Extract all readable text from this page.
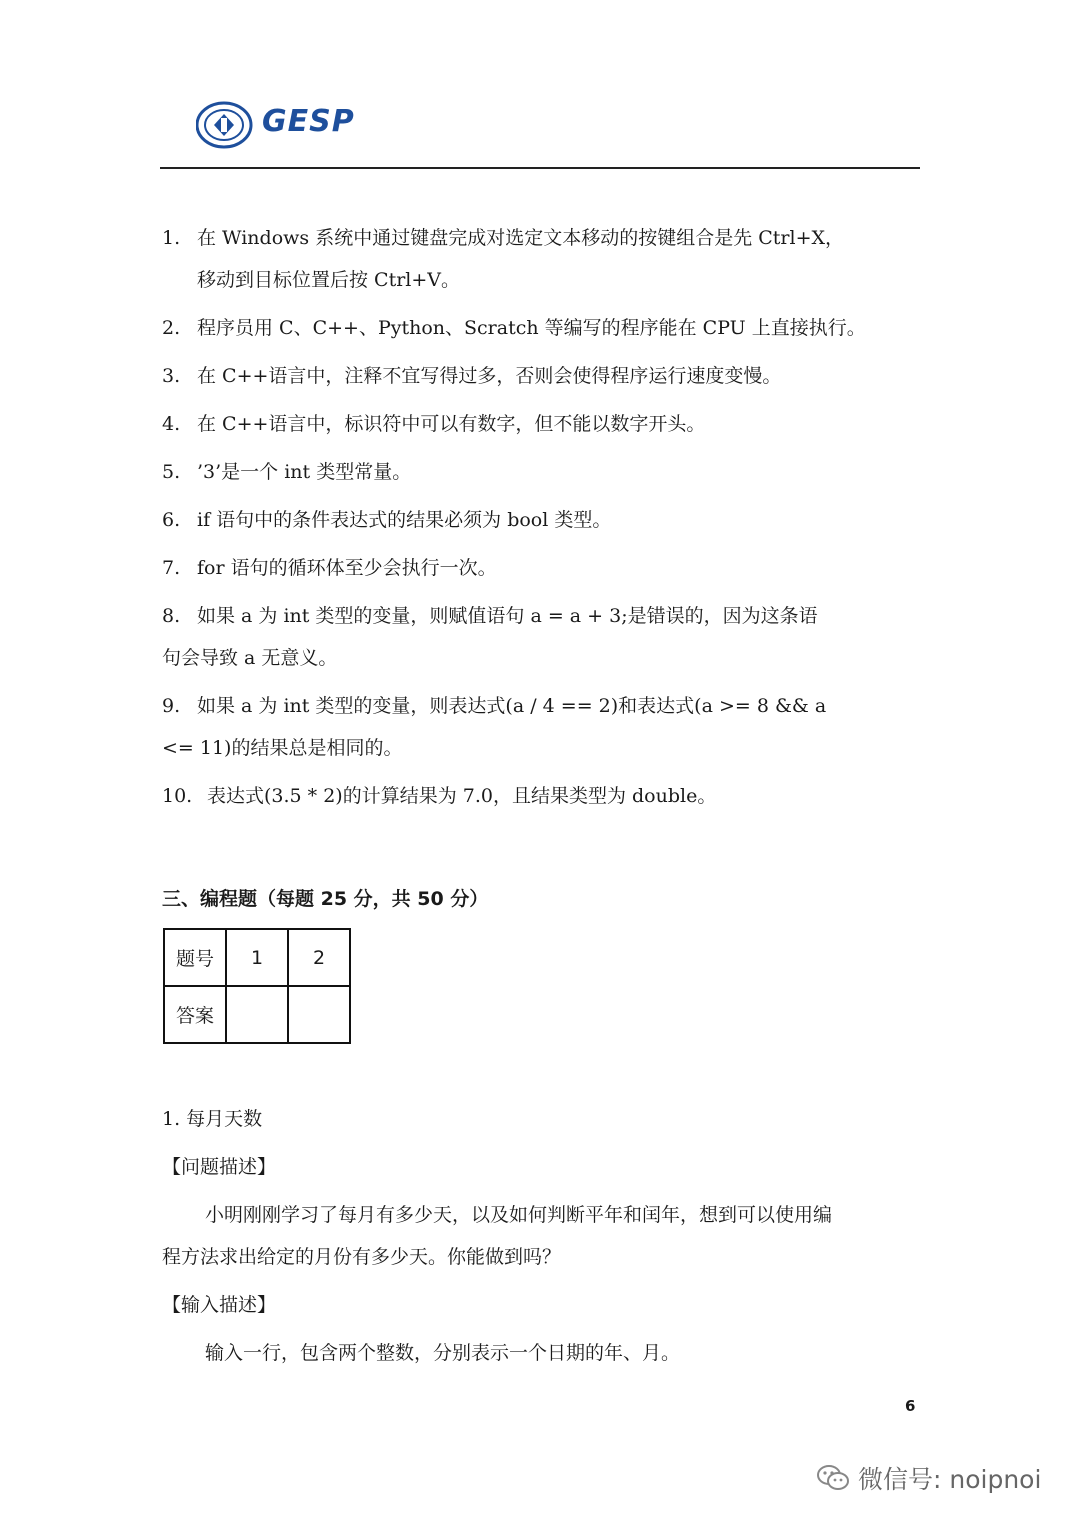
GESP
1. 在 Windows 系统中通过键盘完成对选定文本移动的按键组合是先 Ctrl+X，
移动到目标位置后按 Ctrl+V。
2. 程序员用 C、C++、Python、Scratch 等编写的程序能在 CPU 上直接执行。
3. 在 C++语言中，注释不宜写得过多，否则会使得程序运行速度变慢。
4. 在 C++语言中，标识符中可以有数字，但不能以数字开头。
5. ’3’是一个 int 类型常量。
6. if 语句中的条件表达式的结果必须为 bool 类型。
7. for 语句的循环体至少会执行一次。
8. 如果 a 为 int 类型的变量，则赋值语句 a = a + 3;是错误的，因为这条语
句会导致 a 无意义。
9. 如果 a 为 int 类型的变量，则表达式(a / 4 == 2)和表达式(a >= 8 && a
<= 11)的结果总是相同的。
10. 表达式(3.5 * 2)的计算结果为 7.0，且结果类型为 double。
三、编程题（每题 25 分，共 50 分）
题号	1	2
答案		
1. 每月天数
【问题描述】
小明刚刚学习了每月有多少天，以及如何判断平年和闰年，想到可以使用编
程方法求出给定的月份有多少天。你能做到吗？
【输入描述】
输入一行，包含两个整数，分别表示一个日期的年、月。
6
微信号: noipnoi
